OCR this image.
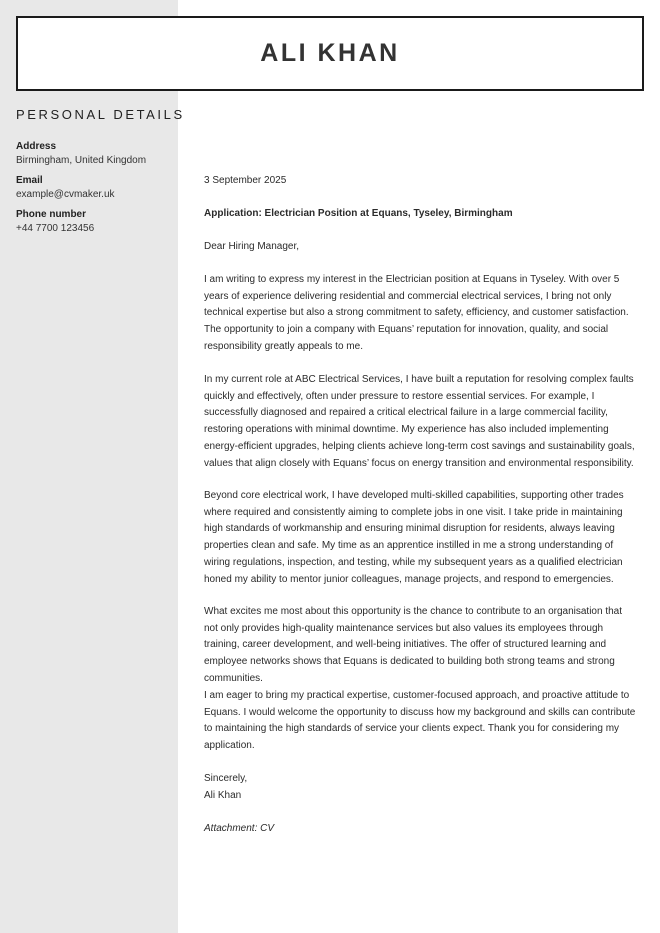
ALI KHAN
PERSONAL DETAILS
Address
Birmingham, United Kingdom
Email
example@cvmaker.uk
Phone number
+44 7700 123456
3 September 2025
Application: Electrician Position at Equans, Tyseley, Birmingham
Dear Hiring Manager,

I am writing to express my interest in the Electrician position at Equans in Tyseley. With over 5 years of experience delivering residential and commercial electrical services, I bring not only technical expertise but also a strong commitment to safety, efficiency, and customer satisfaction. The opportunity to join a company with Equans’ reputation for innovation, quality, and social responsibility greatly appeals to me.

In my current role at ABC Electrical Services, I have built a reputation for resolving complex faults quickly and effectively, often under pressure to restore essential services. For example, I successfully diagnosed and repaired a critical electrical failure in a large commercial facility, restoring operations with minimal downtime. My experience has also included implementing energy-efficient upgrades, helping clients achieve long-term cost savings and sustainability goals, values that align closely with Equans’ focus on energy transition and environmental responsibility.

Beyond core electrical work, I have developed multi-skilled capabilities, supporting other trades where required and consistently aiming to complete jobs in one visit. I take pride in maintaining high standards of workmanship and ensuring minimal disruption for residents, always leaving properties clean and safe. My time as an apprentice instilled in me a strong understanding of wiring regulations, inspection, and testing, while my subsequent years as a qualified electrician honed my ability to mentor junior colleagues, manage projects, and respond to emergencies.

What excites me most about this opportunity is the chance to contribute to an organisation that not only provides high-quality maintenance services but also values its employees through training, career development, and well-being initiatives. The offer of structured learning and employee networks shows that Equans is dedicated to building both strong teams and strong communities.

I am eager to bring my practical expertise, customer-focused approach, and proactive attitude to Equans. I would welcome the opportunity to discuss how my background and skills can contribute to maintaining the high standards of service your clients expect. Thank you for considering my application.

Sincerely,
Ali Khan
Attachment: CV
